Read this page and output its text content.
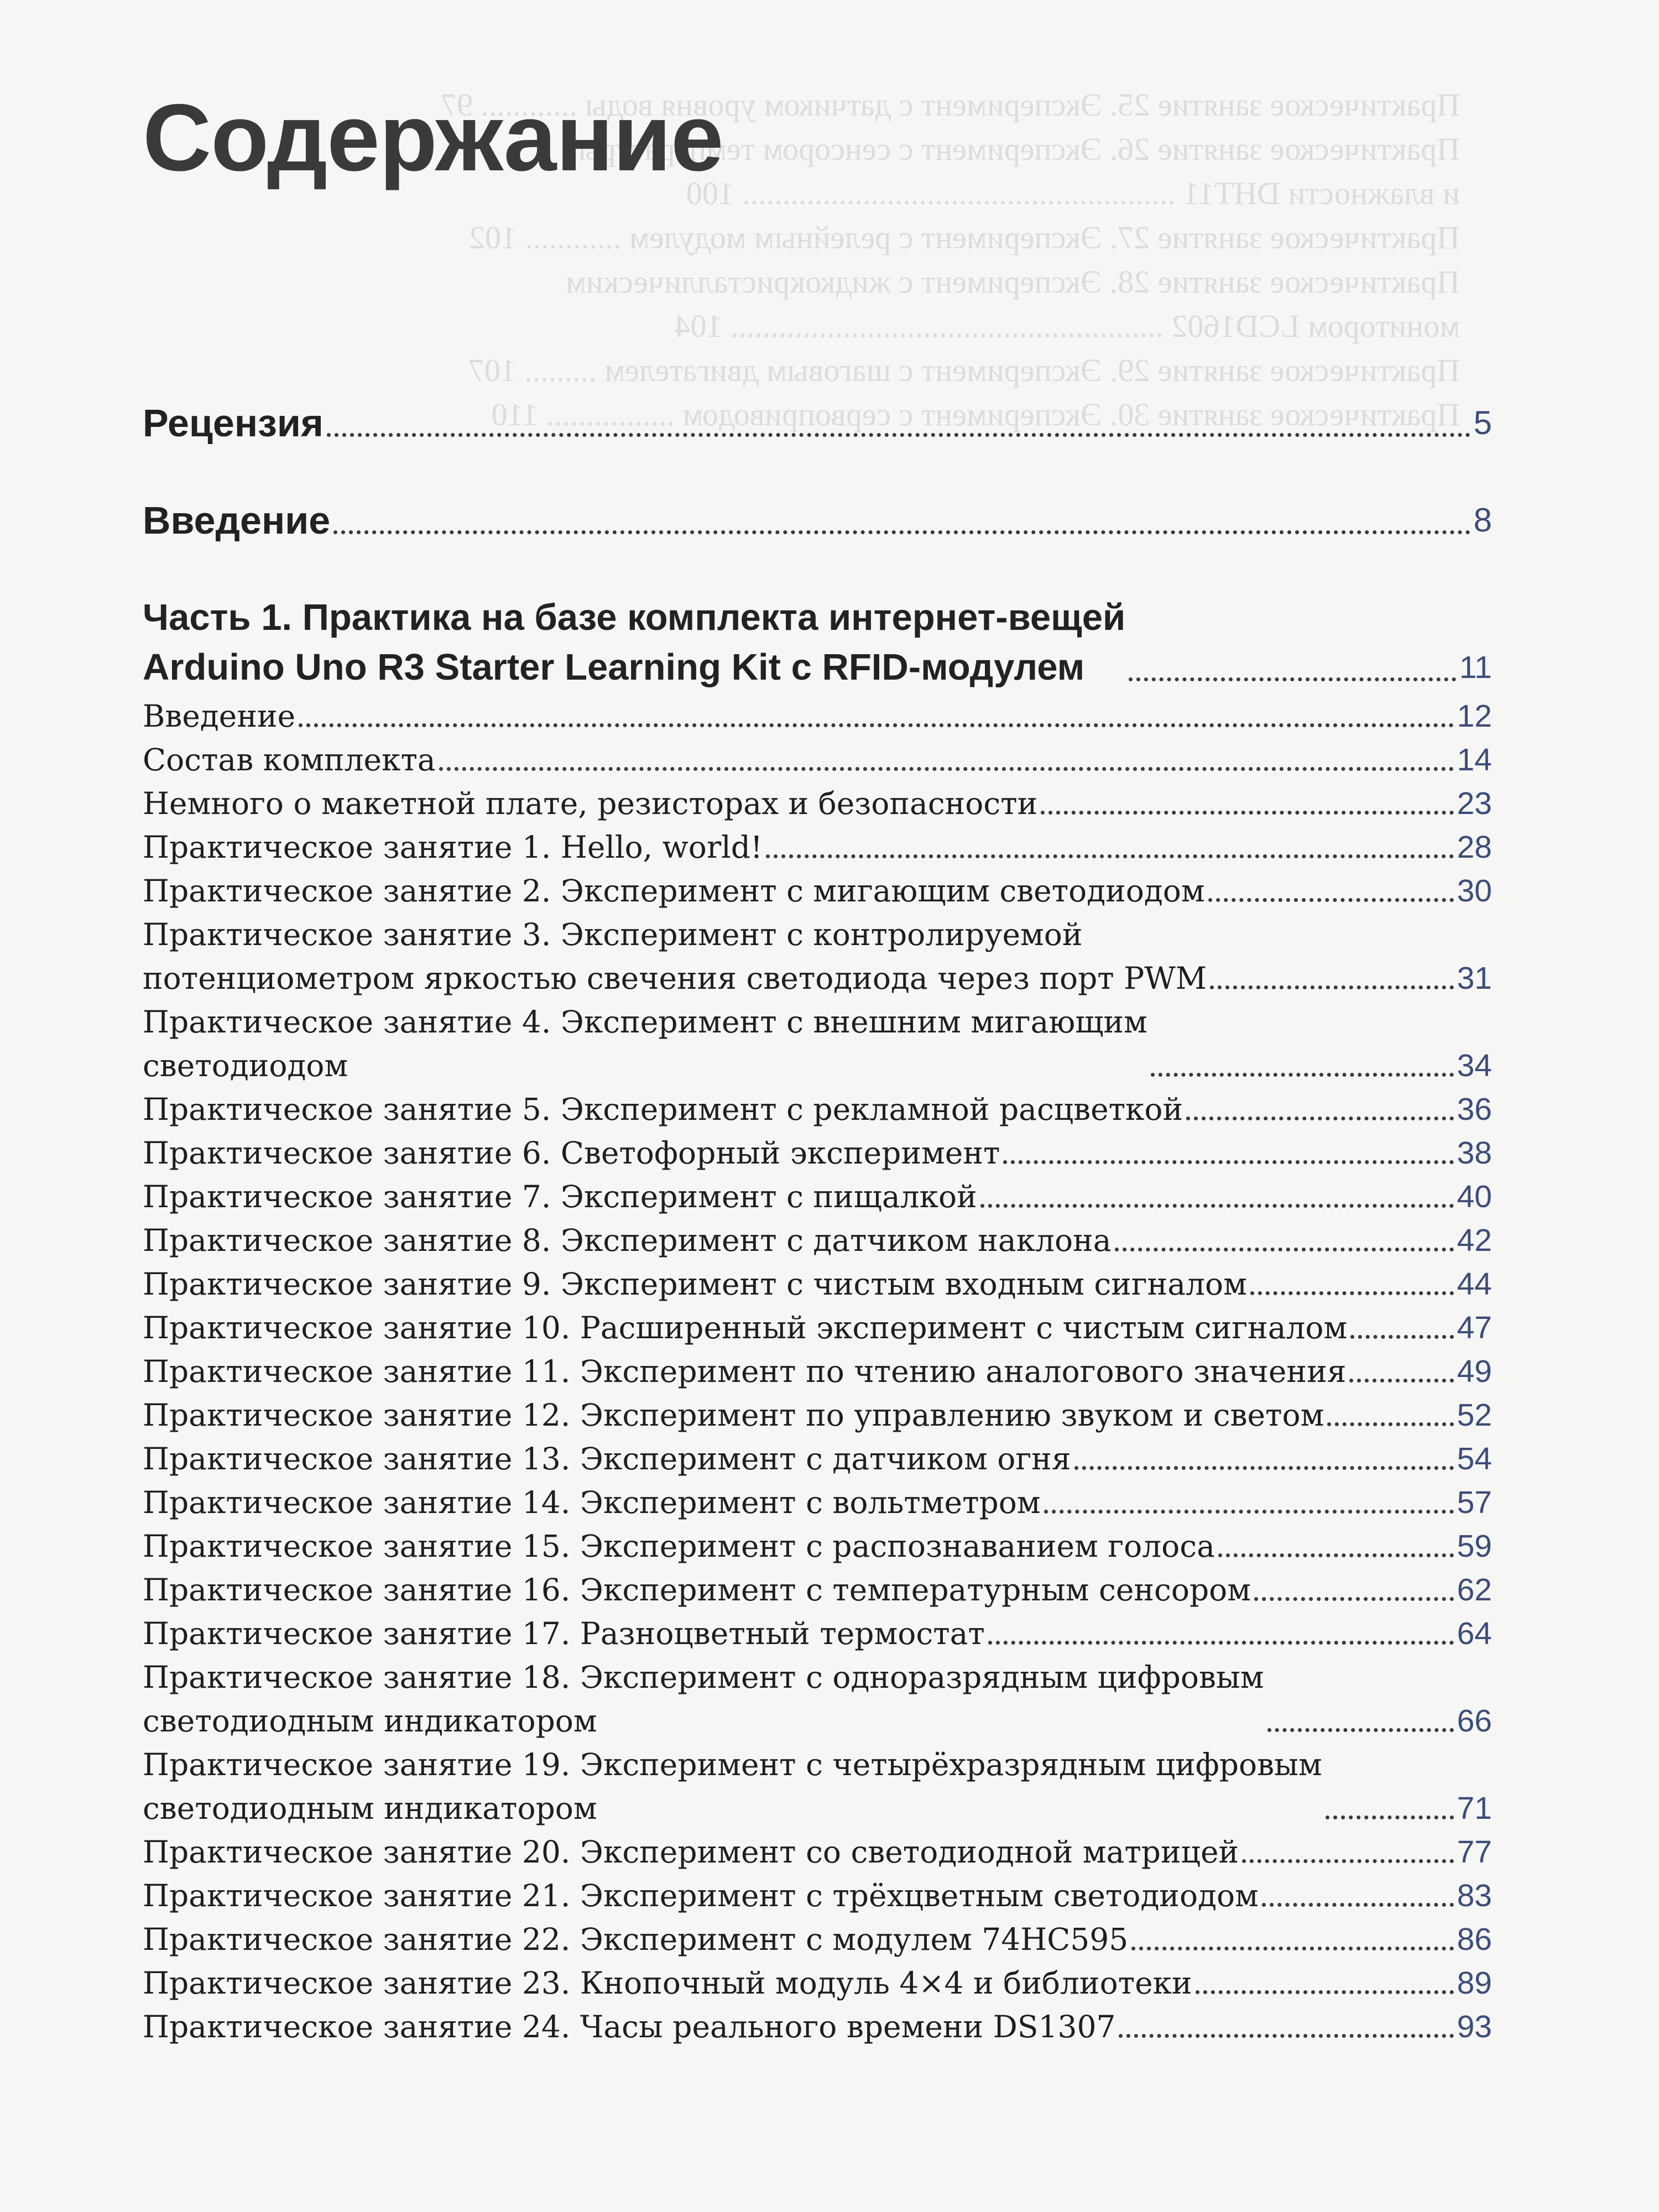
Практическое занятие 25. Эксперимент с датчиком уровня воды ............ 97
Практическое занятие 26. Эксперимент с сенсором температуры
и влажности DHT11 ...................................................... 100
Практическое занятие 27. Эксперимент с релейным модулем ............ 102
Практическое занятие 28. Эксперимент с жидкокристаллическим
монитором LCD1602 ...................................................... 104
Практическое занятие 29. Эксперимент с шаговым двигателем ......... 107
Практическое занятие 30. Эксперимент с сервоприводом ................ 110
Содержание
Рецензия	5
Введение	8
Часть 1. Практика на базе комплекта интернет-вещей
Arduino Uno R3 Starter Learning Kit с RFID-модулем	11
Введение	12
Состав комплекта	14
Немного о макетной плате, резисторах и безопасности	23
Практическое занятие 1. Hello, world!	28
Практическое занятие 2. Эксперимент с мигающим светодиодом	30
Практическое занятие 3. Эксперимент с контролируемой
потенциометром яркостью свечения светодиода через порт PWM	31
Практическое занятие 4. Эксперимент с внешним мигающим
светодиодом	34
Практическое занятие 5. Эксперимент с рекламной расцветкой	36
Практическое занятие 6. Светофорный эксперимент	38
Практическое занятие 7. Эксперимент с пищалкой	40
Практическое занятие 8. Эксперимент с датчиком наклона	42
Практическое занятие 9. Эксперимент с чистым входным сигналом	44
Практическое занятие 10. Расширенный эксперимент с чистым сигналом	47
Практическое занятие 11. Эксперимент по чтению аналогового значения	49
Практическое занятие 12. Эксперимент по управлению звуком и светом	52
Практическое занятие 13. Эксперимент с датчиком огня	54
Практическое занятие 14. Эксперимент с вольтметром	57
Практическое занятие 15. Эксперимент с распознаванием голоса	59
Практическое занятие 16. Эксперимент с температурным сенсором	62
Практическое занятие 17. Разноцветный термостат	64
Практическое занятие 18. Эксперимент с одноразрядным цифровым
светодиодным индикатором	66
Практическое занятие 19. Эксперимент с четырёхразрядным цифровым
светодиодным индикатором	71
Практическое занятие 20. Эксперимент со светодиодной матрицей	77
Практическое занятие 21. Эксперимент с трёхцветным светодиодом	83
Практическое занятие 22. Эксперимент с модулем 74HC595	86
Практическое занятие 23. Кнопочный модуль 4×4 и библиотеки	89
Практическое занятие 24. Часы реального времени DS1307	93
